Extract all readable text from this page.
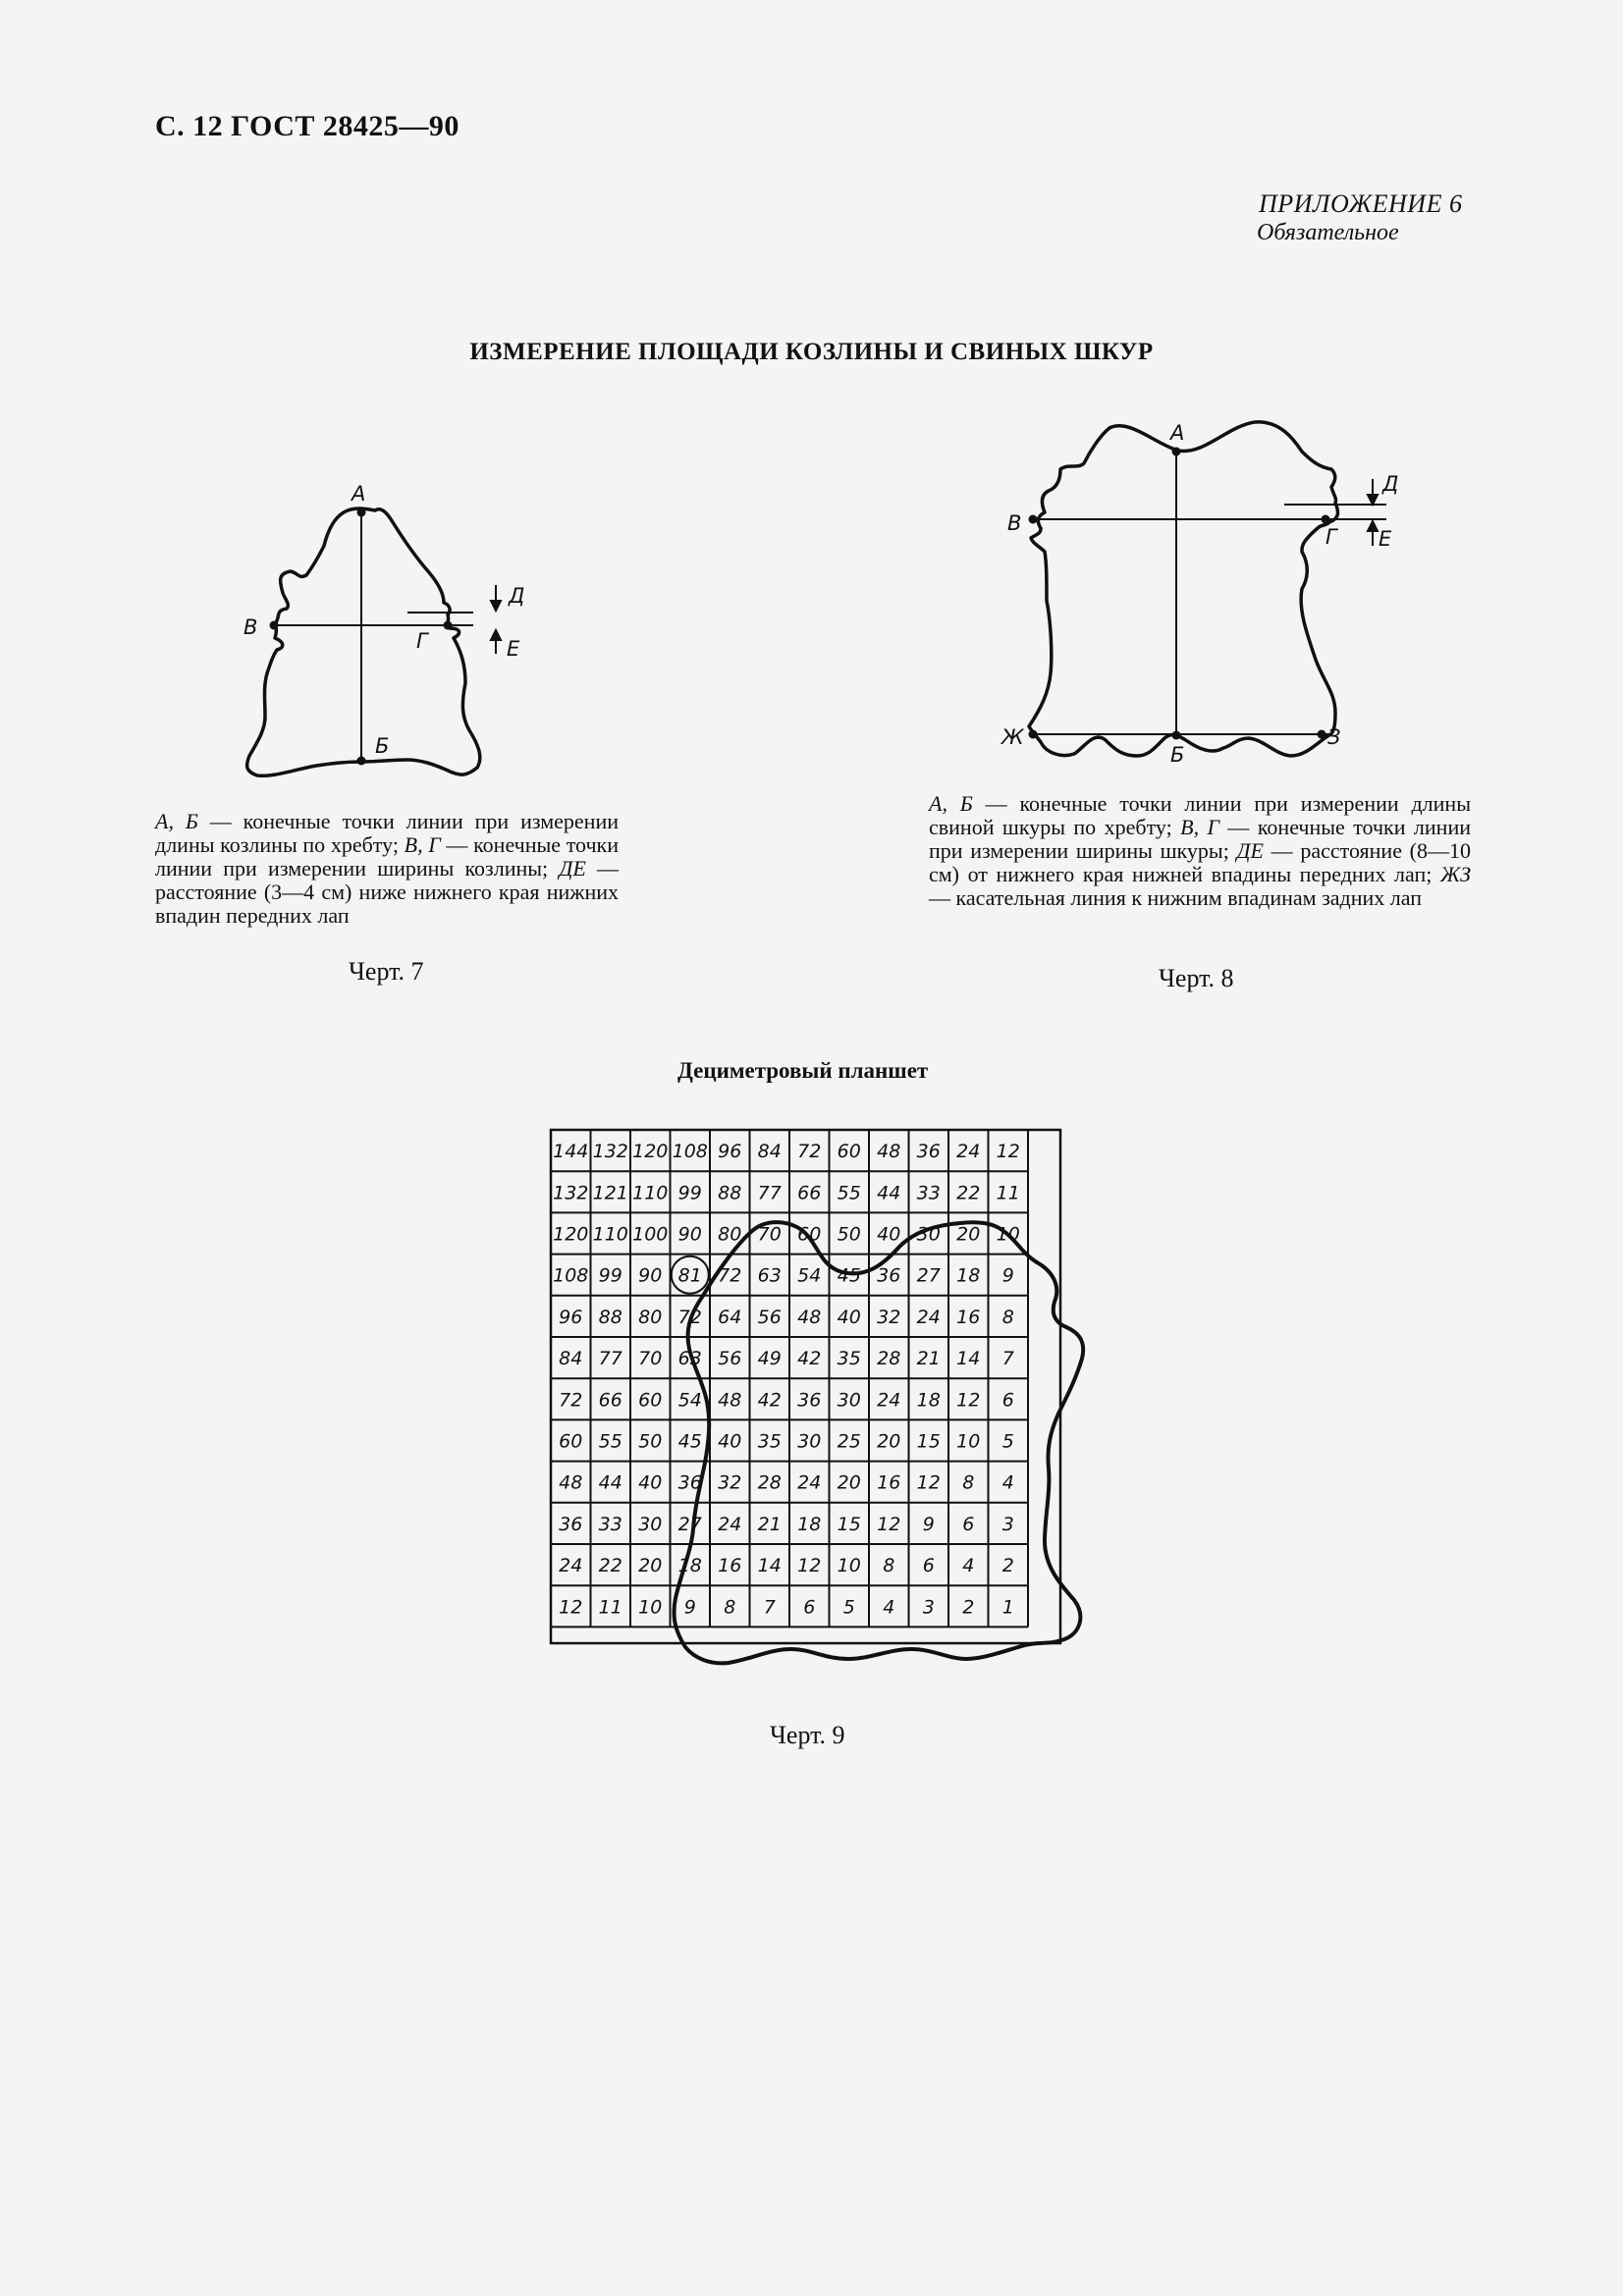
С. 12 ГОСТ 28425—90
ПРИЛОЖЕНИЕ 6
Обязательное
ИЗМЕРЕНИЕ ПЛОЩАДИ КОЗЛИНЫ И СВИНЫХ ШКУР
А
Б
В
Г
Д
Е
А, Б — конечные точки линии при измерении длины козлины по хребту; В, Г — конечные точки линии при измерении ширины козлины; ДЕ — расстояние (3—4 см) ниже нижнего края нижних впадин передних лап
Черт. 7
А
Б
В
Г
Д
Е
Ж	З
А, Б — конечные точки линии при измерении длины свиной шкуры по хребту; В, Г — конечные точки линии при измерении ширины шкуры; ДЕ — расстояние (8—10 см) от нижнего края нижней впадины передних лап; ЖЗ — касательная линия к нижним впадинам задних лап
Черт. 8
Дециметровый планшет
144 132 120 108 96 84 72 60 48 36 24 12
132 121 110 99 88 77 66 55 44 33 22 11
120 110 100 90 80 70 60 50 40 30 20 10
108 99 90 81 72 63 54 45 36 27 18 9
96 88 80 72 64 56 48 40 32 24 16 8
84 77 70 63 56 49 42 35 28 21 14 7
72 66 60 54 48 42 36 30 24 18 12 6
60 55 50 45 40 35 30 25 20 15 10 5
48 44 40 36 32 28 24 20 16 12 8 4
36 33 30 27 24 21 18 15 12 9 6 3
24 22 20 18 16 14 12 10 8 6 4 2
12 11 10 9 8 7 6 5 4 3 2 1
Черт. 9
